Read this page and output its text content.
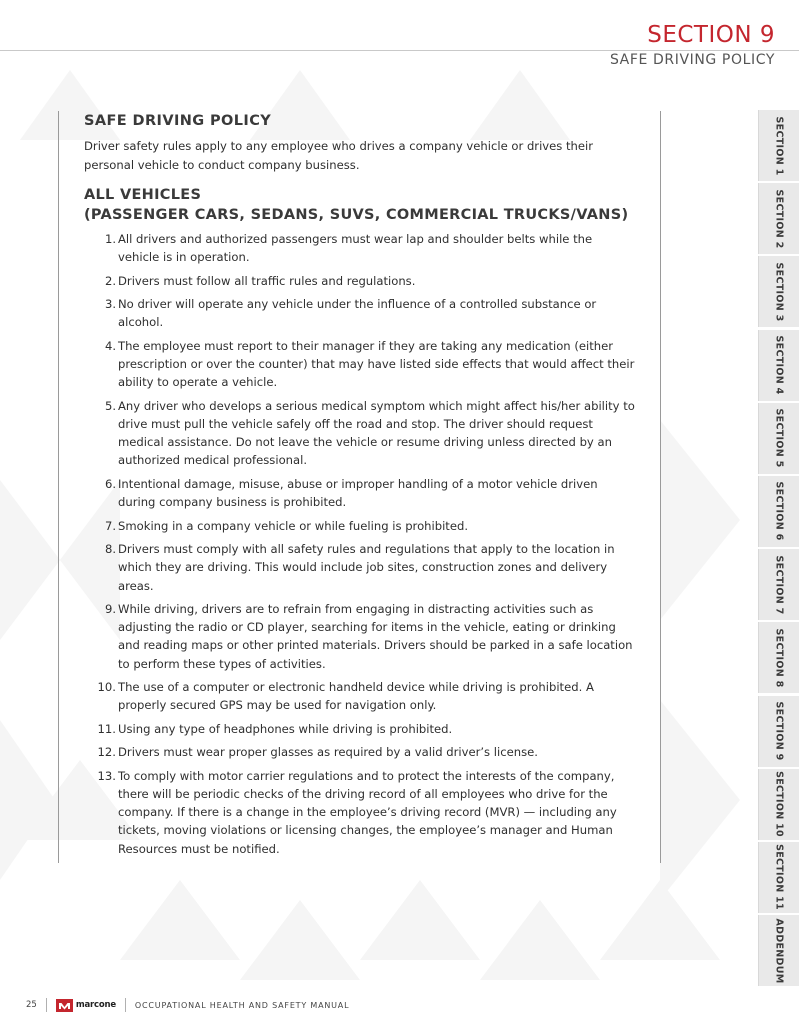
SECTION 9
SAFE DRIVING POLICY
SAFE DRIVING POLICY

Driver safety rules apply to any employee who drives a company vehicle or drives their personal vehicle to conduct company business.

ALL VEHICLES
(PASSENGER CARS, SEDANS, SUVS, COMMERCIAL TRUCKS/VANS)
1. All drivers and authorized passengers must wear lap and shoulder belts while the vehicle is in operation.
2. Drivers must follow all traffic rules and regulations.
3. No driver will operate any vehicle under the influence of a controlled substance or alcohol.
4. The employee must report to their manager if they are taking any medication (either prescription or over the counter) that may have listed side effects that would affect their ability to operate a vehicle.
5. Any driver who develops a serious medical symptom which might affect his/her ability to drive must pull the vehicle safely off the road and stop. The driver should request medical assistance. Do not leave the vehicle or resume driving unless directed by an authorized medical professional.
6. Intentional damage, misuse, abuse or improper handling of a motor vehicle driven during company business is prohibited.
7. Smoking in a company vehicle or while fueling is prohibited.
8. Drivers must comply with all safety rules and regulations that apply to the location in which they are driving. This would include job sites, construction zones and delivery areas.
9. While driving, drivers are to refrain from engaging in distracting activities such as adjusting the radio or CD player, searching for items in the vehicle, eating or drinking and reading maps or other printed materials. Drivers should be parked in a safe location to perform these types of activities.
10. The use of a computer or electronic handheld device while driving is prohibited. A properly secured GPS may be used for navigation only.
11. Using any type of headphones while driving is prohibited.
12. Drivers must wear proper glasses as required by a valid driver’s license.
13. To comply with motor carrier regulations and to protect the interests of the company, there will be periodic checks of the driving record of all employees who drive for the company. If there is a change in the employee’s driving record (MVR) — including any tickets, moving violations or licensing changes, the employee’s manager and Human Resources must be notified.
SECTION 1
SECTION 2
SECTION 3
SECTION 4
SECTION 5
SECTION 6
SECTION 7
SECTION 8
SECTION 9
SECTION 10
SECTION 11
ADDENDUM
25	marcone OCCUPATIONAL HEALTH AND SAFETY MANUAL
